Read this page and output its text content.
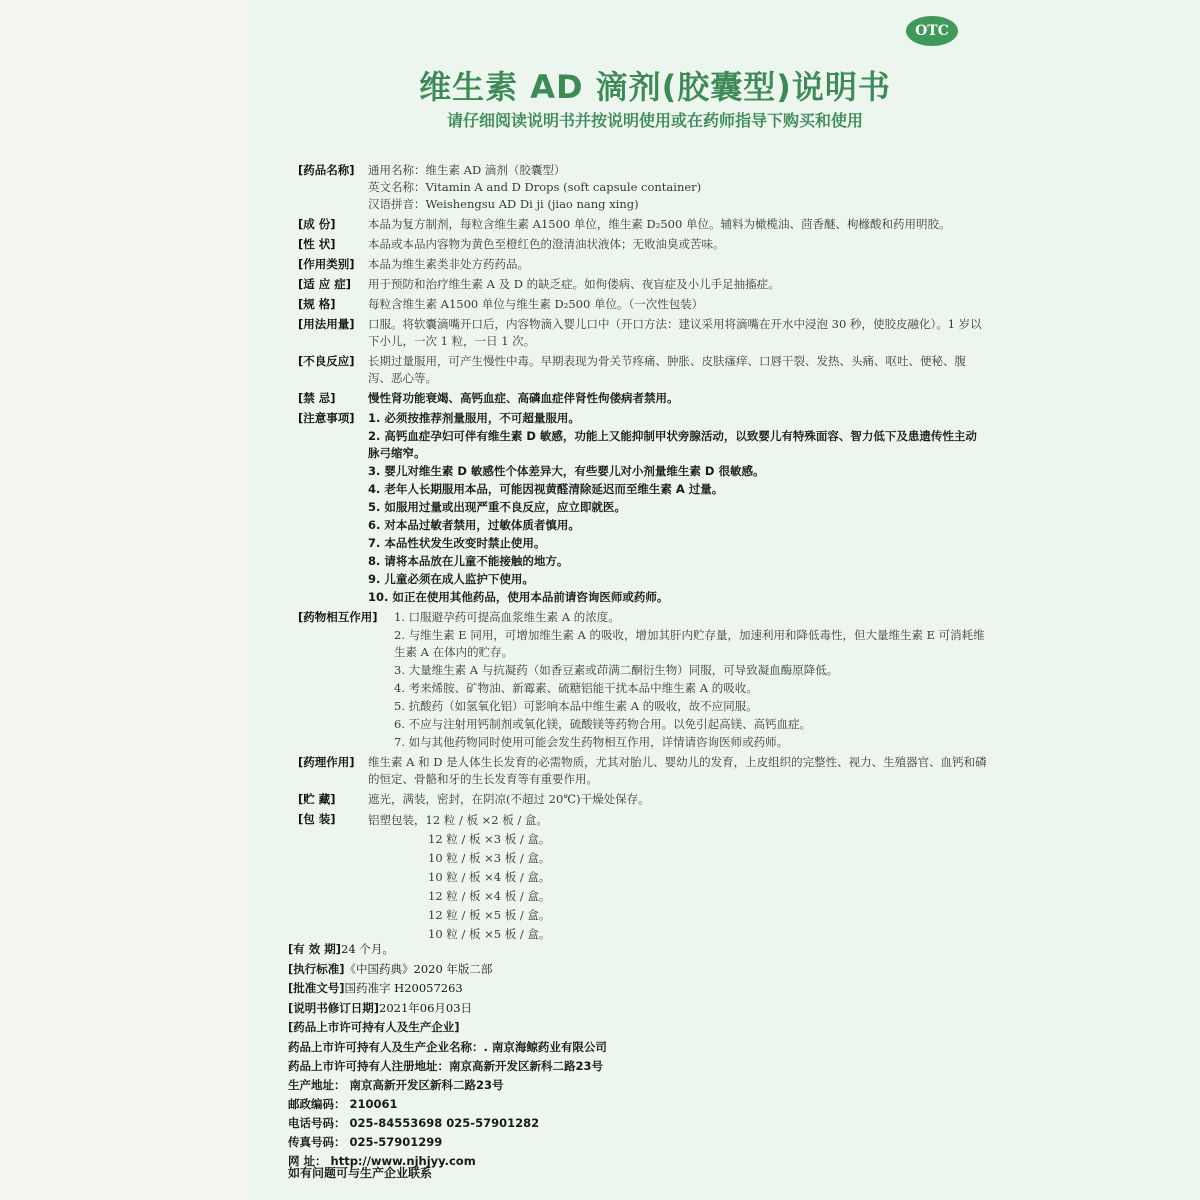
OTC
维生素 AD 滴剂(胶囊型)说明书
请仔细阅读说明书并按说明使用或在药师指导下购买和使用
[药品名称]	通用名称：维生素 AD 滴剂（胶囊型）
英文名称：Vitamin A and D Drops (soft capsule container)
汉语拼音：Weishengsu AD Di ji (jiao nang xing)
[成 份]	本品为复方制剂，每粒含维生素 A1500 单位，维生素 D₂500 单位。辅料为橄榄油、茴香醚、枸橼酸和药用明胶。
[性 状]	本品或本品内容物为黄色至橙红色的澄清油状液体；无败油臭或苦味。
[作用类别]	本品为维生素类非处方药药品。
[适 应 症]	用于预防和治疗维生素 A 及 D 的缺乏症。如佝偻病、夜盲症及小儿手足抽搐症。
[规 格]	每粒含维生素 A1500 单位与维生素 D₂500 单位。（一次性包装）
[用法用量]	口服。将软囊滴嘴开口后，内容物滴入婴儿口中（开口方法：建议采用将滴嘴在开水中浸泡 30 秒，使胶皮融化）。1 岁以下小儿，一次 1 粒，一日 1 次。
[不良反应]	长期过量服用，可产生慢性中毒。早期表现为骨关节疼痛、肿胀、皮肤瘙痒、口唇干裂、发热、头痛、呕吐、便秘、腹泻、恶心等。
[禁 忌]	慢性肾功能衰竭、高钙血症、高磷血症伴肾性佝偻病者禁用。
[注意事项]	1. 必须按推荐剂量服用，不可超量服用。
2. 高钙血症孕妇可伴有维生素 D 敏感，功能上又能抑制甲状旁腺活动，以致婴儿有特殊面容、智力低下及患遗传性主动脉弓缩窄。
3. 婴儿对维生素 D 敏感性个体差异大，有些婴儿对小剂量维生素 D 很敏感。
4. 老年人长期服用本品，可能因视黄醛清除延迟而至维生素 A 过量。
5. 如服用过量或出现严重不良反应，应立即就医。
6. 对本品过敏者禁用，过敏体质者慎用。
7. 本品性状发生改变时禁止使用。
8. 请将本品放在儿童不能接触的地方。
9. 儿童必须在成人监护下使用。
10. 如正在使用其他药品，使用本品前请咨询医师或药师。
[药物相互作用]	1. 口服避孕药可提高血浆维生素 A 的浓度。
2. 与维生素 E 同用，可增加维生素 A 的吸收，增加其肝内贮存量，加速利用和降低毒性，但大量维生素 E 可消耗维生素 A 在体内的贮存。
3. 大量维生素 A 与抗凝药（如香豆素或茚满二酮衍生物）同服，可导致凝血酶原降低。
4. 考来烯胺、矿物油、新霉素、硫糖铝能干扰本品中维生素 A 的吸收。
5. 抗酸药（如氢氧化铝）可影响本品中维生素 A 的吸收，故不应同服。
6. 不应与注射用钙制剂或氧化镁，硫酸镁等药物合用。以免引起高镁、高钙血症。
7. 如与其他药物同时使用可能会发生药物相互作用，详情请咨询医师或药师。
[药理作用]	维生素 A 和 D 是人体生长发育的必需物质，尤其对胎儿、婴幼儿的发育，上皮组织的完整性、视力、生殖器官、血钙和磷的恒定、骨骼和牙的生长发育等有重要作用。
[贮 藏]	遮光，满装，密封，在阴凉(不超过 20℃)干燥处保存。
[包 装]	铝塑包装，12 粒 / 板 ×2 板 / 盒。
12 粒 / 板 ×3 板 / 盒。
10 粒 / 板 ×3 板 / 盒。
10 粒 / 板 ×4 板 / 盒。
12 粒 / 板 ×4 板 / 盒。
12 粒 / 板 ×5 板 / 盒。
10 粒 / 板 ×5 板 / 盒。
[有 效 期]24 个月。
[执行标准]《中国药典》2020 年版二部
[批准文号]国药准字 H20057263
[说明书修订日期]2021年06月03日
[药品上市许可持有人及生产企业]
药品上市许可持有人及生产企业名称：. 南京海鲸药业有限公司
药品上市许可持有人注册地址：南京高新开发区新科二路23号
生产地址： 南京高新开发区新科二路23号
邮政编码： 210061
电话号码： 025-84553698 025-57901282
传真号码： 025-57901299
网 址： http://www.njhjyy.com
如有问题可与生产企业联系
